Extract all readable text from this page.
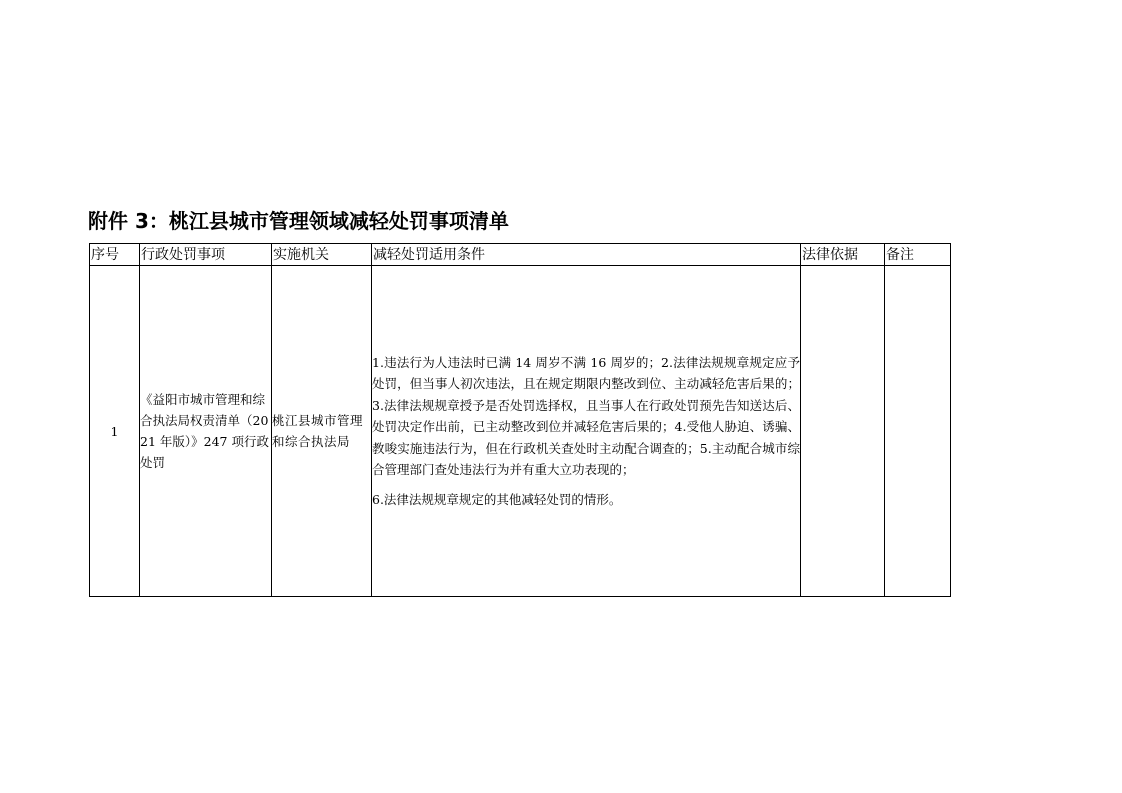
附件 3：桃江县城市管理领域减轻处罚事项清单
序号	行政处罚事项	实施机关	减轻处罚适用条件	法律依据	备注
1	《益阳市城市管理和综合执法局权责清单（2021 年版）》247 项行政处罚	桃江县城市管理和综合执法局	1.违法行为人违法时已满 14 周岁不满 16 周岁的；2.法律法规规章规定应予处罚，但当事人初次违法，且在规定期限内整改到位、主动减轻危害后果的；3.法律法规规章授予是否处罚选择权，且当事人在行政处罚预先告知送达后、处罚决定作出前，已主动整改到位并减轻危害后果的；4.受他人胁迫、诱骗、教唆实施违法行为，但在行政机关查处时主动配合调查的；5.主动配合城市综合管理部门查处违法行为并有重大立功表现的；
6.法律法规规章规定的其他减轻处罚的情形。		
